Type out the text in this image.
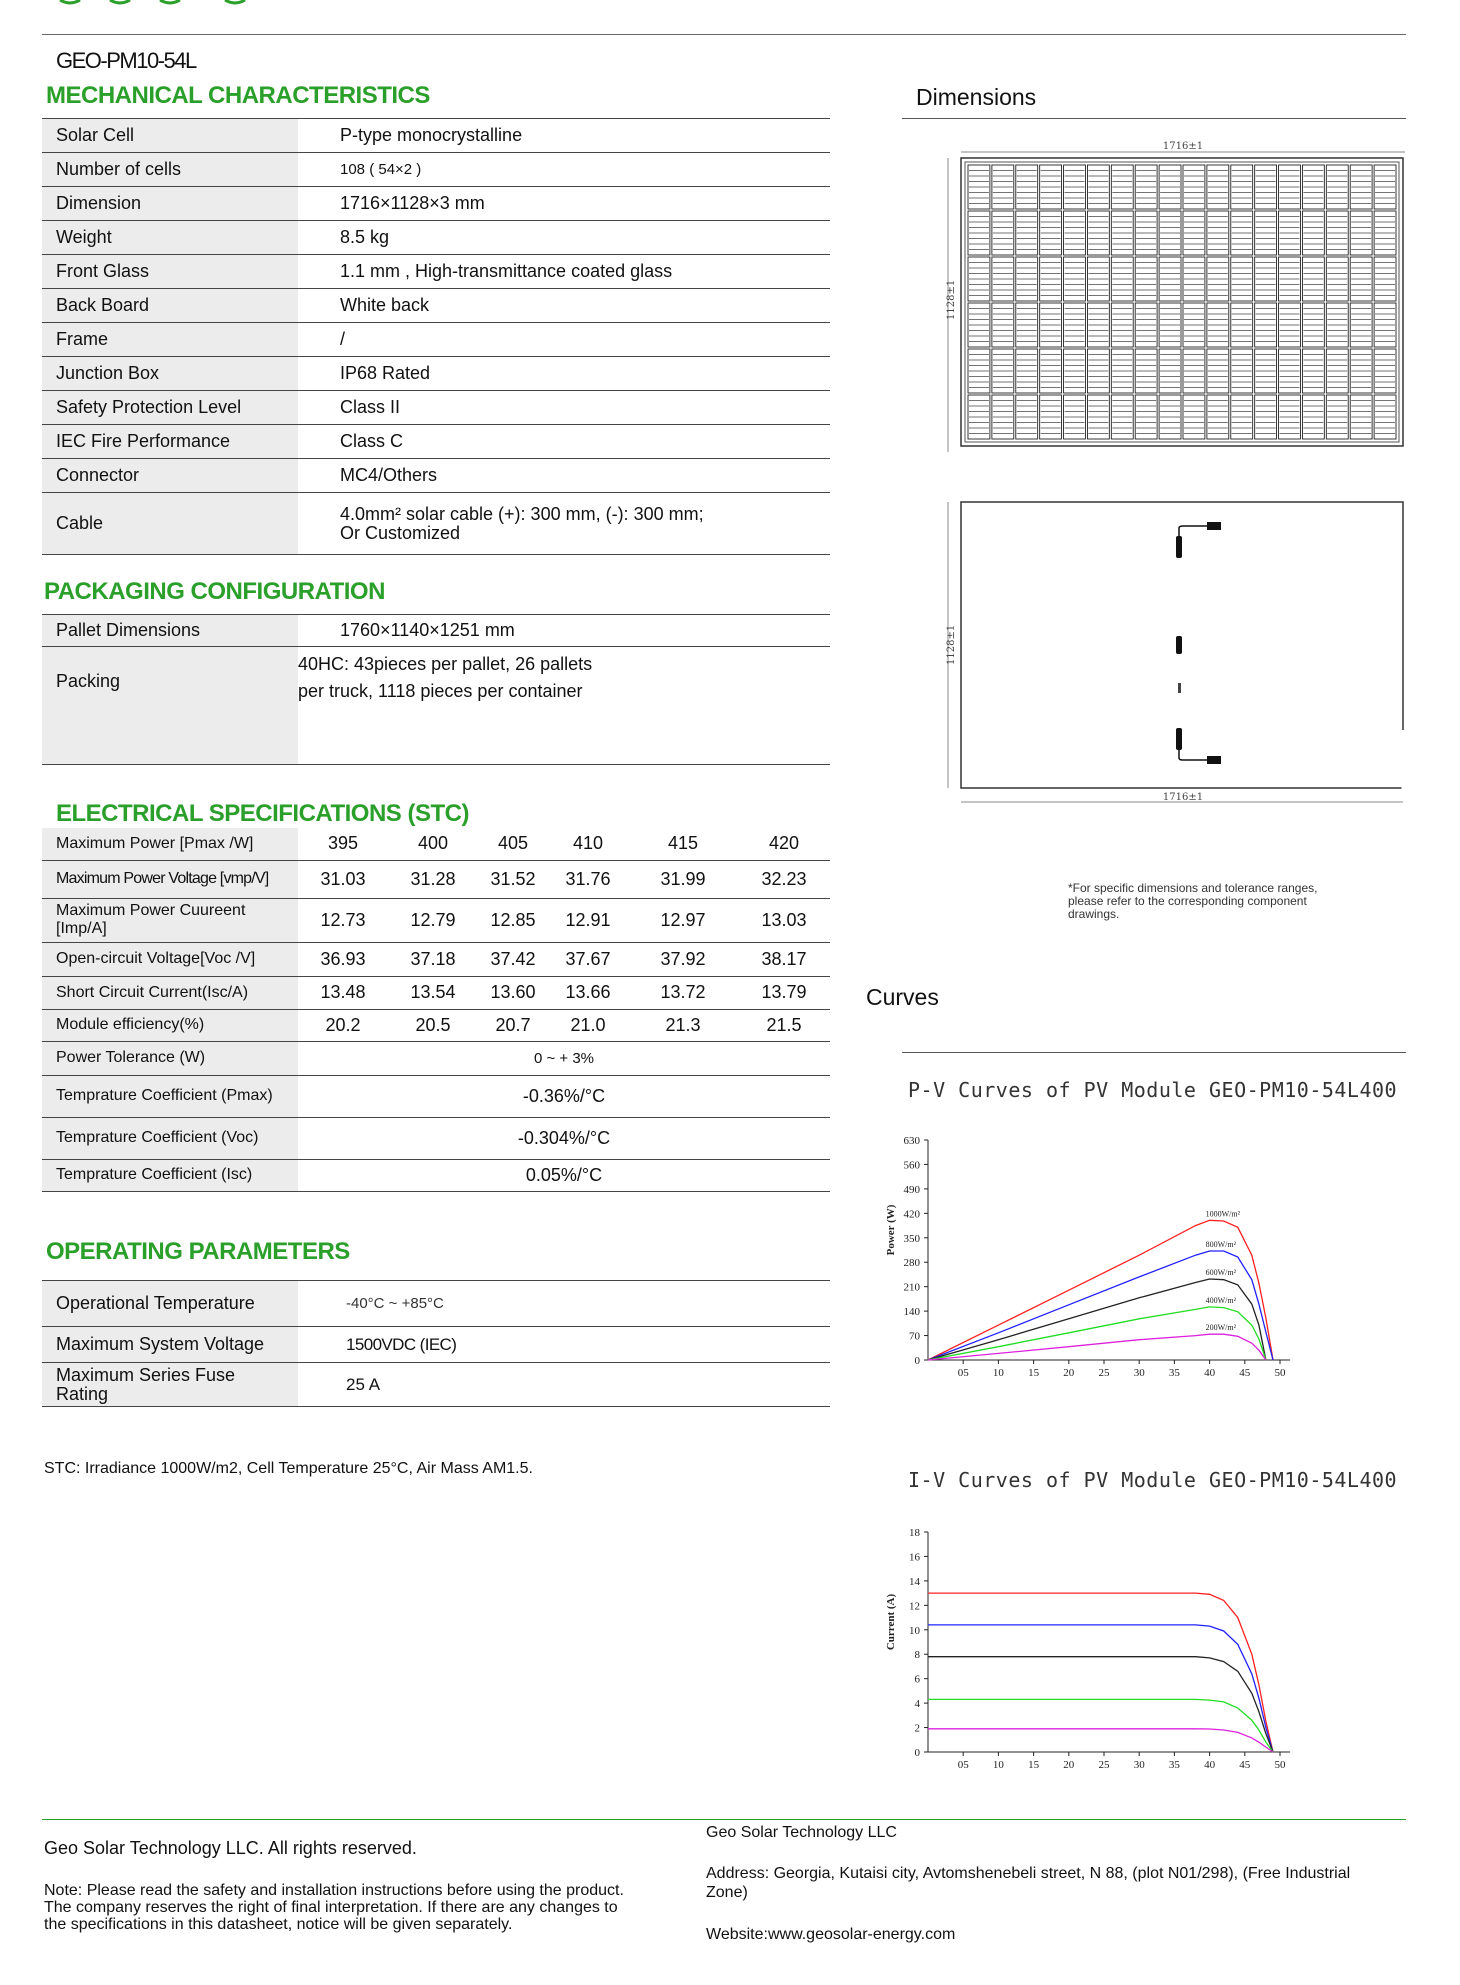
GEO-PM10-54L
MECHANICAL CHARACTERISTICS
Solar Cell	P-type monocrystalline
Number of cells	108 ( 54×2 )
Dimension	1716×1128×3 mm
Weight	8.5 kg
Front Glass	1.1 mm , High-transmittance coated glass
Back Board	White back
Frame	/
Junction Box	IP68 Rated
Safety Protection Level	Class II
IEC Fire Performance	Class C
Connector	MC4/Others
Cable	4.0mm² solar cable (+): 300 mm, (-): 300 mm;
Or Customized
PACKAGING CONFIGURATION
Pallet Dimensions	1760×1140×1251 mm
Packing	40HC: 43pieces per pallet, 26 pallets
per truck, 1118 pieces per container
ELECTRICAL SPECIFICATIONS (STC)
Maximum Power [Pmax /W]	395	400	405	410	415	420
Maximum Power Voltage [vmp/V]	31.03	31.28	31.52	31.76	31.99	32.23

Maximum Power Cuureent
[Imp/A]	12.73	12.79	12.85	12.91	12.97	13.03
Open-circuit Voltage[Voc /V]	36.93	37.18	37.42	37.67	37.92	38.17
Short Circuit Current(Isc/A)	13.48	13.54	13.60	13.66	13.72	13.79
Module efficiency(%)	20.2	20.5	20.7	21.0	21.3	21.5
Power Tolerance (W)	0 ~ + 3%					
Temprature Coefficient (Pmax)	-0.36%/°C					
Temprature Coefficient (Voc)	-0.304%/°C					
Temprature Coefficient (Isc)	0.05%/°C					
OPERATING PARAMETERS
Operational Temperature	-40°C ~ +85°C
Maximum System Voltage	1500VDC (IEC)

Maximum Series Fuse
Rating	25 A
STC: Irradiance 1000W/m2, Cell Temperature 25°C, Air Mass AM1.5.
Dimensions
1716±1
1128±1
1128±1
1716±1
*For specific dimensions and tolerance ranges,
please refer to the corresponding component
drawings.
Curves
P-V Curves of PV Module GEO-PM10-54L400
0
70
140
210
280
350
420
490
560
630
05 10 15 20 25 30 35 40 45 50
Power (W)	1000W/m²
800W/m²
600W/m²
400W/m²
200W/m²
I-V Curves of PV Module GEO-PM10-54L400
0
2
4
6
8
10
12
14
16
18
05 10 15 20 25 30 35 40 45 50
Current (A)
Geo Solar Technology LLC. All rights reserved.
Note: Please read the safety and installation instructions before using the product.
The company reserves the right of final interpretation. If there are any changes to
the specifications in this datasheet, notice will be given separately.
Geo Solar Technology LLC
Address: Georgia, Kutaisi city, Avtomshenebeli street, N 88, (plot N01/298), (Free Industrial
Zone)
Website:www.geosolar-energy.com
